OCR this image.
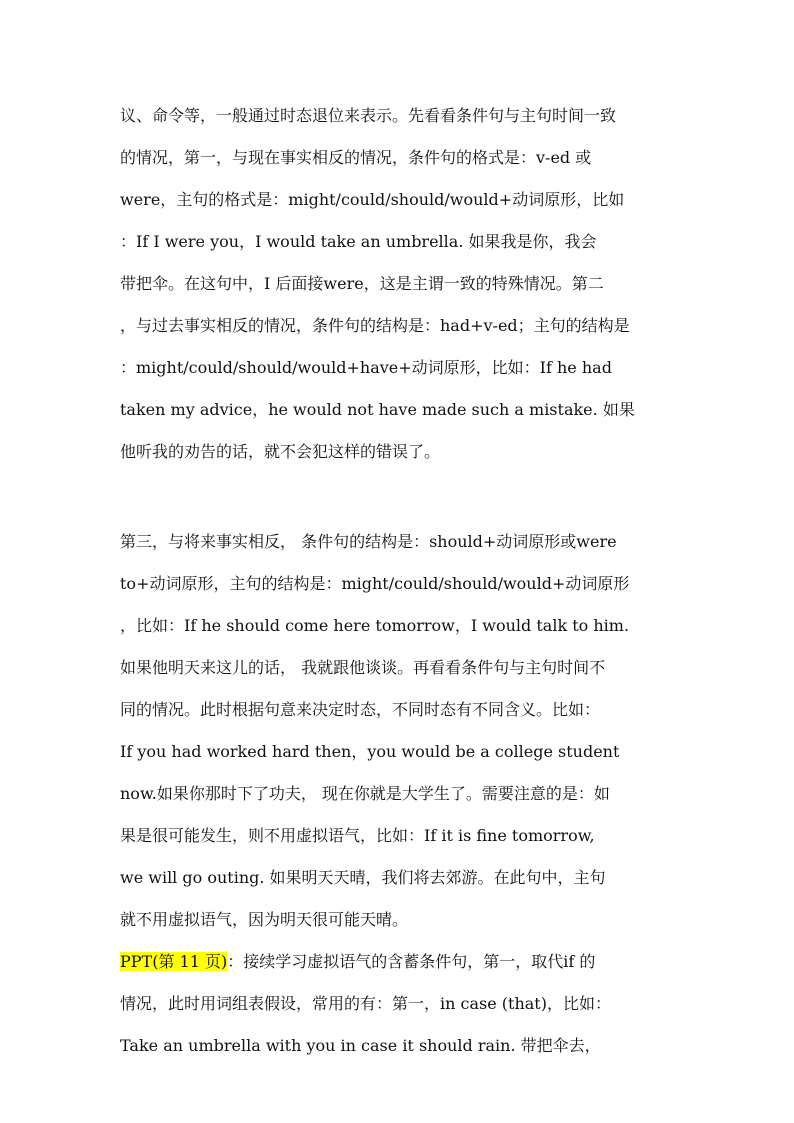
议、命令等，一般通过时态退位来表示。先看看条件句与主句时间一致
的情况，第一，与现在事实相反的情况，条件句的格式是：v-ed 或
were，主句的格式是：might/could/should/would+动词原形，比如
：If I were you，I would take an umbrella. 如果我是你，我会
带把伞。在这句中，I 后面接were，这是主谓一致的特殊情况。第二
，与过去事实相反的情况，条件句的结构是：had+v-ed；主句的结构是
：might/could/should/would+have+动词原形，比如：If he had
taken my advice，he would not have made such a mistake. 如果
他听我的劝告的话，就不会犯这样的错误了。
第三，与将来事实相反， 条件句的结构是：should+动词原形或were
to+动词原形，主句的结构是：might/could/should/would+动词原形
，比如：If he should come here tomorrow，I would talk to him.
如果他明天来这儿的话， 我就跟他谈谈。再看看条件句与主句时间不
同的情况。此时根据句意来决定时态，不同时态有不同含义。比如：
If you had worked hard then，you would be a college student
now.如果你那时下了功夫， 现在你就是大学生了。需要注意的是：如
果是很可能发生，则不用虚拟语气，比如：If it is fine tomorrow,
we will go outing. 如果明天天晴，我们将去郊游。在此句中，主句
就不用虚拟语气，因为明天很可能天晴。
PPT(第 11 页)：接续学习虚拟语气的含蓄条件句，第一，取代if 的
情况，此时用词组表假设，常用的有：第一，in case (that)，比如：
Take an umbrella with you in case it should rain. 带把伞去，
